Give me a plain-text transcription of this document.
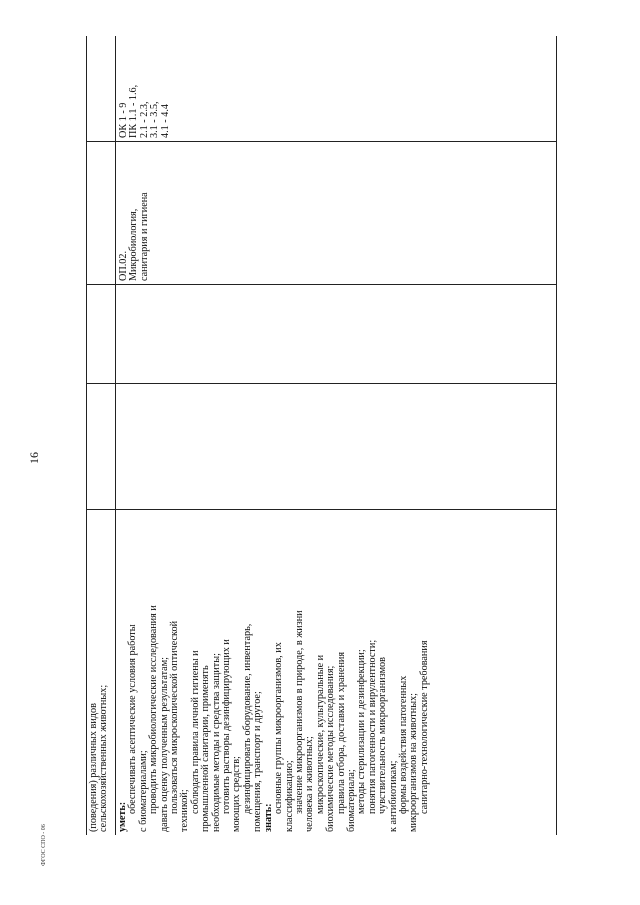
16
ФГОС СПО - 06
(поведения) различных видов сельскохозяйственных животных; уметь:
обеспечивать асептические условия работы с биоматериалами; проводить микробиологические исследования и давать оценку полученным результатам; пользоваться микроскопической оптической техникой; соблюдать правила личной гигиены и промышленной санитарии, применять необходимые методы и средства защиты; готовить растворы дезинфицирующих и моющих средств; дезинфицировать оборудование, инвентарь, помещения, транспорт и другое; знать:
основные группы микроорганизмов, их классификацию; значение микроорганизмов в природе, в жизни человека и животных; микроскопические, культуральные и биохимические методы исследования; правила отбора, доставки и хранения биоматериала; методы стерилизации и дезинфекции; понятия патогенности и вирулентности; чувствительность микроорганизмов к антибиотикам; формы воздействия патогенных микроорганизмов на животных; санитарно-технологические требования
ОП.02. Микробиология, санитария и гигиена
ОК 1 - 9 ПК 1.1 - 1.6, 2.1 - 2.3, 3.1 - 3.5, 4.1 - 4.4
